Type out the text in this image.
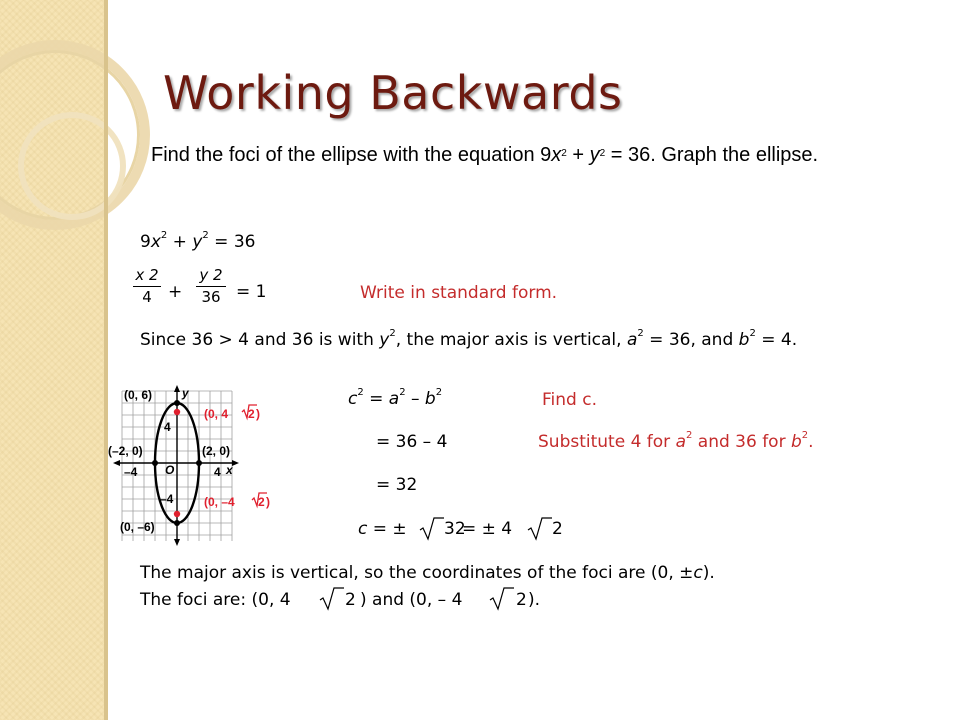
Working Backwards
Find the foci of the ellipse with the equation $9x^2 + y^2 = 36$. Graph the ellipse.
$9x^2 + y^2 = 36$
x 2
4 +
y 2
36 = 1	Write in standard form.
Since 36 > 4 and 36 is with $y^2$, the major axis is vertical, $a^2 = 36$, and $b^2 = 4$.
(0, 6) y
(0, 4 2 )
4
(–2, 0)	(2, 0)
–4 O	4 x
–4	(0, –4 2 )
(0, –6)
$c^2 = a^2 - b^2$	Find c.
= 36 – 4	Substitute 4 for $a^2$ and 36 for $b^2$.
= 32
c = ± 32
= ± 4 2
The major axis is vertical, so the coordinates of the foci are (0, ±c).
The foci are: (0, 4	2 ) and (0, – 4	2 ).
